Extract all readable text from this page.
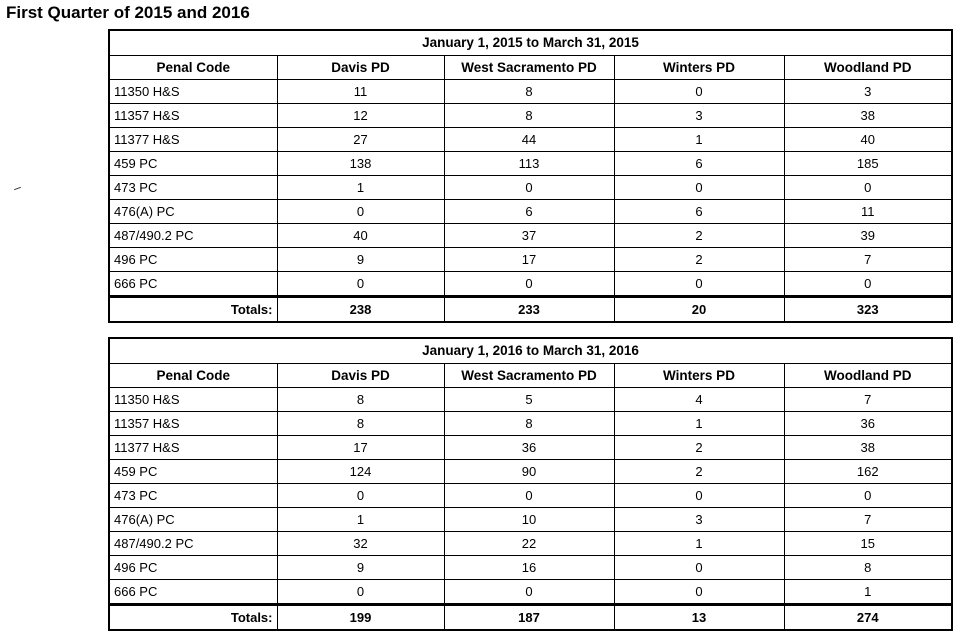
First Quarter of 2015 and 2016
January 1, 2015 to March 31, 2015				
Penal Code	Davis PD	West Sacramento PD	Winters PD	Woodland PD
11350 H&S	11	8	0	3
11357 H&S	12	8	3	38
11377 H&S	27	44	1	40
459 PC	138	113	6	185
473 PC	1	0	0	0
476(A) PC	0	6	6	11
487/490.2 PC	40	37	2	39
496 PC	9	17	2	7
666 PC	0	0	0	0
Totals:	238	233	20	323
January 1, 2016 to March 31, 2016				
Penal Code	Davis PD	West Sacramento PD	Winters PD	Woodland PD
11350 H&S	8	5	4	7
11357 H&S	8	8	1	36
11377 H&S	17	36	2	38
459 PC	124	90	2	162
473 PC	0	0	0	0
476(A) PC	1	10	3	7
487/490.2 PC	32	22	1	15
496 PC	9	16	0	8
666 PC	0	0	0	1
Totals:	199	187	13	274
